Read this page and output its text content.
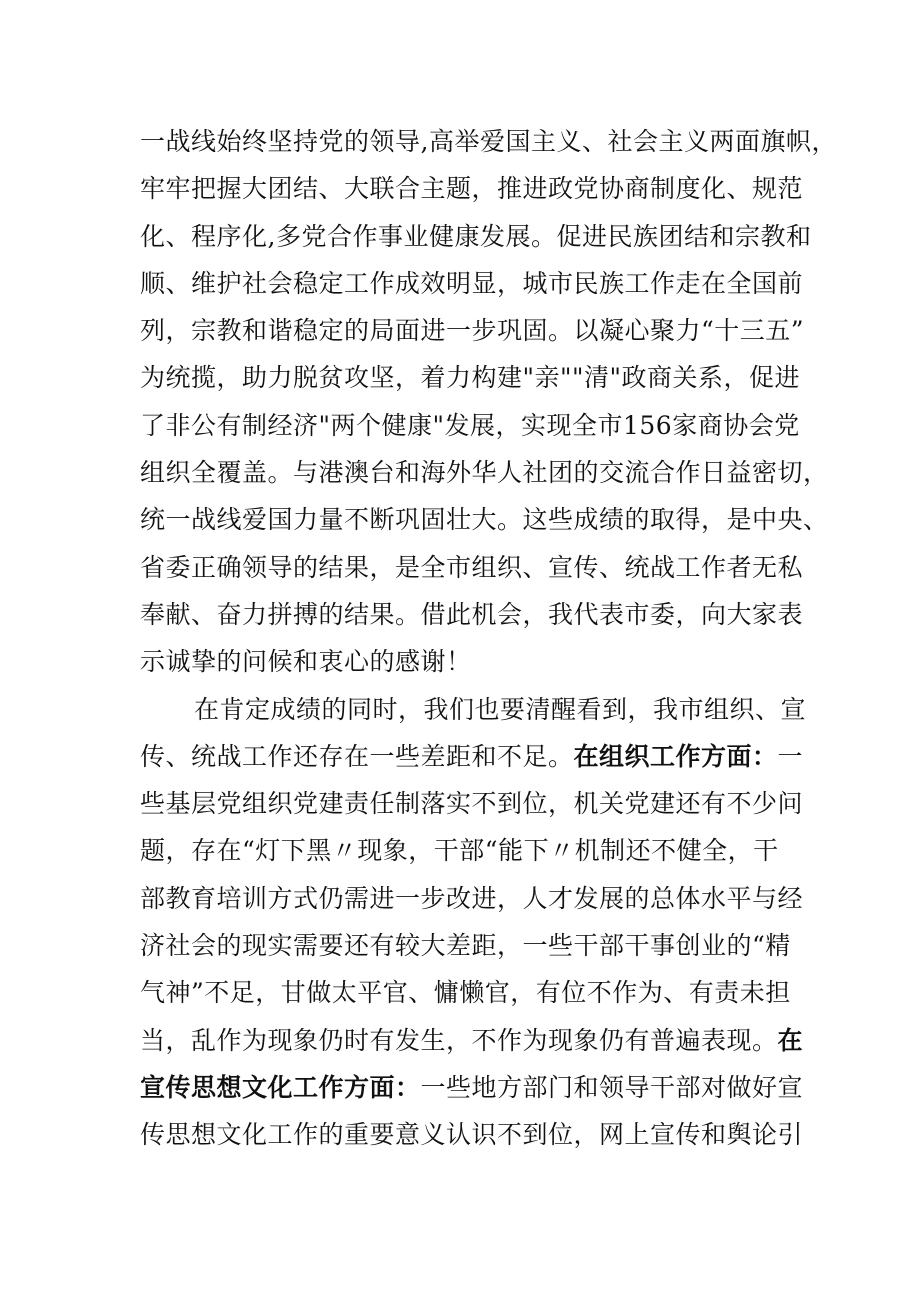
一战线始终坚持党的领导,高举爱国主义、社会主义两面旗帜，
牢牢把握大团结、大联合主题，推进政党协商制度化、规范
化、程序化,多党合作事业健康发展。促进民族团结和宗教和
顺、维护社会稳定工作成效明显，城市民族工作走在全国前
列，宗教和谐稳定的局面进一步巩固。以凝心聚力“十三五”
为统揽，助力脱贫攻坚，着力构建"亲""清"政商关系，促进
了非公有制经济"两个健康"发展，实现全市156家商协会党
组织全覆盖。与港澳台和海外华人社团的交流合作日益密切，
统一战线爱国力量不断巩固壮大。这些成绩的取得，是中央、
省委正确领导的结果，是全市组织、宣传、统战工作者无私
奉献、奋力拼搏的结果。借此机会，我代表市委，向大家表
示诚挚的问候和衷心的感谢！
在肯定成绩的同时，我们也要清醒看到，我市组织、宣
传、统战工作还存在一些差距和不足。在组织工作方面：一
些基层党组织党建责任制落实不到位，机关党建还有不少问
题，存在“灯下黑〃现象，干部“能下〃机制还不健全，干
部教育培训方式仍需进一步改进，人才发展的总体水平与经
济社会的现实需要还有较大差距，一些干部干事创业的“精
气神”不足，甘做太平官、慵懒官，有位不作为、有责未担
当，乱作为现象仍时有发生，不作为现象仍有普遍表现。在
宣传思想文化工作方面：一些地方部门和领导干部对做好宣
传思想文化工作的重要意义认识不到位，网上宣传和舆论引
